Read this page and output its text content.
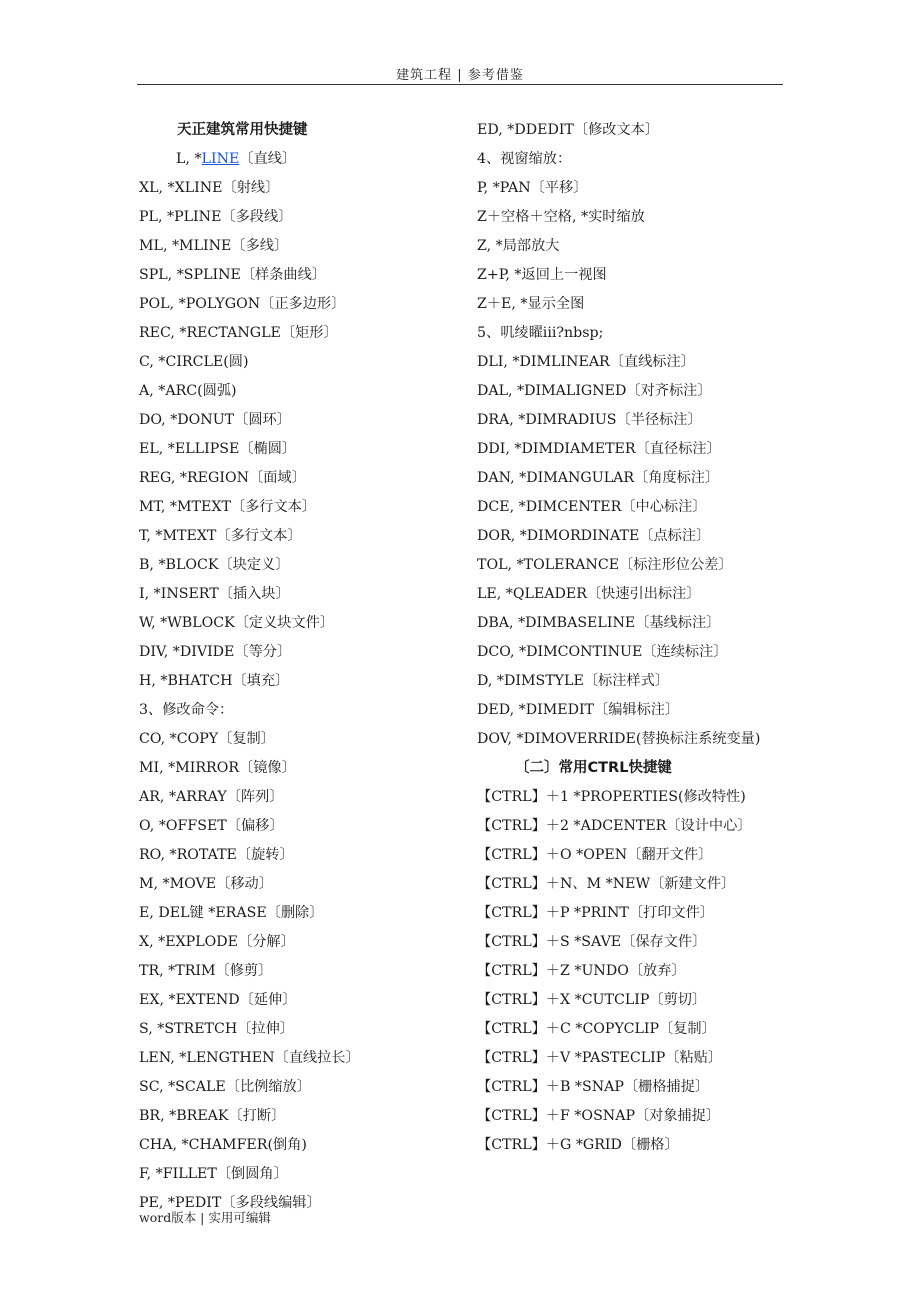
建筑工程 | 参考借鉴
天正建筑常用快捷键
L, *LINE〔直线〕
XL, *XLINE〔射线〕
PL, *PLINE〔多段线〕
ML, *MLINE〔多线〕
SPL, *SPLINE〔样条曲线〕
POL, *POLYGON〔正多边形〕
REC, *RECTANGLE〔矩形〕
C, *CIRCLE(圆)
A, *ARC(圆弧)
DO, *DONUT〔圆环〕
EL, *ELLIPSE〔椭圆〕
REG, *REGION〔面域〕
MT, *MTEXT〔多行文本〕
T, *MTEXT〔多行文本〕
B, *BLOCK〔块定义〕
I, *INSERT〔插入块〕
W, *WBLOCK〔定义块文件〕
DIV, *DIVIDE〔等分〕
H, *BHATCH〔填充〕
3、修改命令：
CO, *COPY〔复制〕
MI, *MIRROR〔镜像〕
AR, *ARRAY〔阵列〕
O, *OFFSET〔偏移〕
RO, *ROTATE〔旋转〕
M, *MOVE〔移动〕
E, DEL键 *ERASE〔删除〕
X, *EXPLODE〔分解〕
TR, *TRIM〔修剪〕
EX, *EXTEND〔延伸〕
S, *STRETCH〔拉伸〕
LEN, *LENGTHEN〔直线拉长〕
SC, *SCALE〔比例缩放〕
BR, *BREAK〔打断〕
CHA, *CHAMFER(倒角)
F, *FILLET〔倒圆角〕
PE, *PEDIT〔多段线编辑〕
ED, *DDEDIT〔修改文本〕
4、视窗缩放：
P, *PAN〔平移〕
Z＋空格＋空格, *实时缩放
Z, *局部放大
Z+P, *返回上一视图
Z＋E, *显示全图
5、叽绫矅iii?nbsp;
DLI, *DIMLINEAR〔直线标注〕
DAL, *DIMALIGNED〔对齐标注〕
DRA, *DIMRADIUS〔半径标注〕
DDI, *DIMDIAMETER〔直径标注〕
DAN, *DIMANGULAR〔角度标注〕
DCE, *DIMCENTER〔中心标注〕
DOR, *DIMORDINATE〔点标注〕
TOL, *TOLERANCE〔标注形位公差〕
LE, *QLEADER〔快速引出标注〕
DBA, *DIMBASELINE〔基线标注〕
DCO, *DIMCONTINUE〔连续标注〕
D, *DIMSTYLE〔标注样式〕
DED, *DIMEDIT〔编辑标注〕
DOV, *DIMOVERRIDE(替换标注系统变量)
〔二〕常用CTRL快捷键
【CTRL】＋1 *PROPERTIES(修改特性)
【CTRL】＋2 *ADCENTER〔设计中心〕
【CTRL】＋O *OPEN〔翻开文件〕
【CTRL】＋N、M *NEW〔新建文件〕
【CTRL】＋P *PRINT〔打印文件〕
【CTRL】＋S *SAVE〔保存文件〕
【CTRL】＋Z *UNDO〔放弃〕
【CTRL】＋X *CUTCLIP〔剪切〕
【CTRL】＋C *COPYCLIP〔复制〕
【CTRL】＋V *PASTECLIP〔粘贴〕
【CTRL】＋B *SNAP〔栅格捕捉〕
【CTRL】＋F *OSNAP〔对象捕捉〕
【CTRL】＋G *GRID〔栅格〕
word版本 | 实用可编辑
